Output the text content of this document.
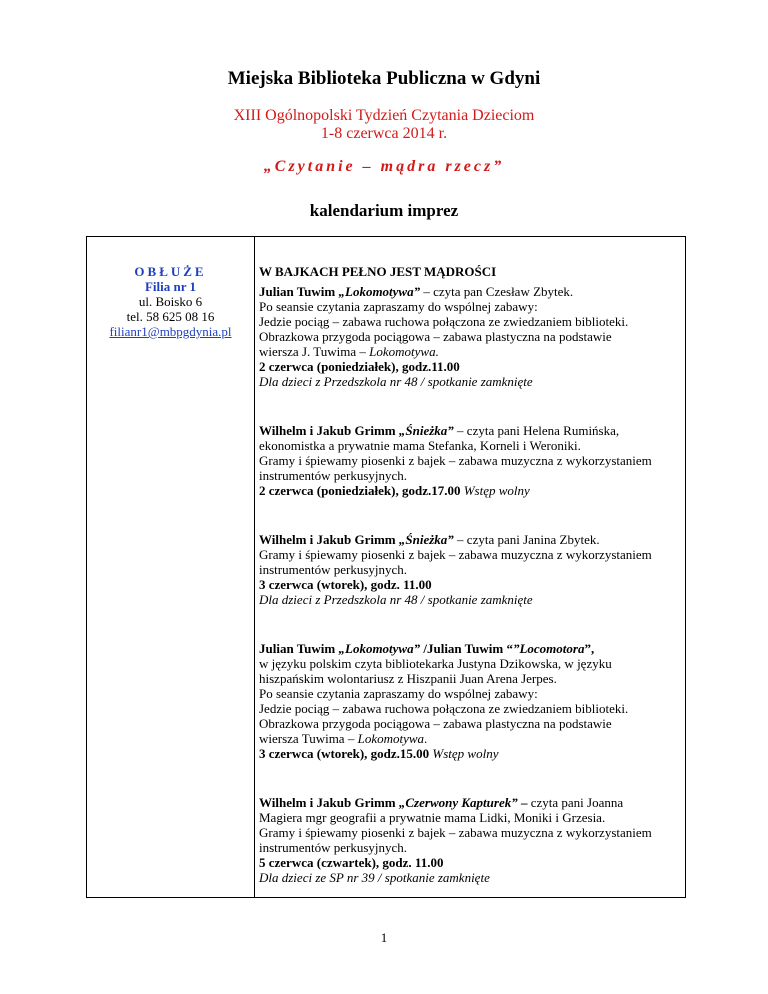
Miejska Biblioteka Publiczna w Gdyni
XIII Ogólnopolski Tydzień Czytania Dzieciom
1-8 czerwca 2014 r.
„Czytanie – mądra rzecz”
kalendarium imprez
OBŁUŻE
Filia nr 1
ul. Boisko 6
tel. 58 625 08 16
filianr1@mbpgdynia.pl
W BAJKACH PEŁNO JEST MĄDROŚCI

Julian Tuwim „Lokomotywa” – czyta pan Czesław Zbytek.

Po seansie czytania zapraszamy do wspólnej zabawy:

Jedzie pociąg – zabawa ruchowa połączona ze zwiedzaniem biblioteki.

Obrazkowa przygoda pociągowa – zabawa plastyczna na podstawie

wiersza J. Tuwima – Lokomotywa.

2 czerwca (poniedziałek), godz.11.00

Dla dzieci z Przedszkola nr 48 / spotkanie zamknięte

Wilhelm i Jakub Grimm „Śnieżka” – czyta pani Helena Rumińska,

ekonomistka a prywatnie mama Stefanka, Korneli i Weroniki.

Gramy i śpiewamy piosenki z bajek – zabawa muzyczna z wykorzystaniem

instrumentów perkusyjnych.

2 czerwca (poniedziałek), godz.17.00 Wstęp wolny

Wilhelm i Jakub Grimm „Śnieżka” – czyta pani Janina Zbytek.

Gramy i śpiewamy piosenki z bajek – zabawa muzyczna z wykorzystaniem

instrumentów perkusyjnych.

3 czerwca (wtorek), godz. 11.00

Dla dzieci z Przedszkola nr 48 / spotkanie zamknięte

Julian Tuwim „Lokomotywa” /Julian Tuwim “”Locomotora”,

w języku polskim czyta bibliotekarka Justyna Dzikowska, w języku

hiszpańskim wolontariusz z Hiszpanii Juan Arena Jerpes.

Po seansie czytania zapraszamy do wspólnej zabawy:

Jedzie pociąg – zabawa ruchowa połączona ze zwiedzaniem biblioteki.

Obrazkowa przygoda pociągowa – zabawa plastyczna na podstawie

wiersza Tuwima – Lokomotywa.

3 czerwca (wtorek), godz.15.00 Wstęp wolny

Wilhelm i Jakub Grimm „Czerwony Kapturek” – czyta pani Joanna

Magiera mgr geografii a prywatnie mama Lidki, Moniki i Grzesia.

Gramy i śpiewamy piosenki z bajek – zabawa muzyczna z wykorzystaniem

instrumentów perkusyjnych.

5 czerwca (czwartek), godz. 11.00

Dla dzieci ze SP nr 39 / spotkanie zamknięte

1
